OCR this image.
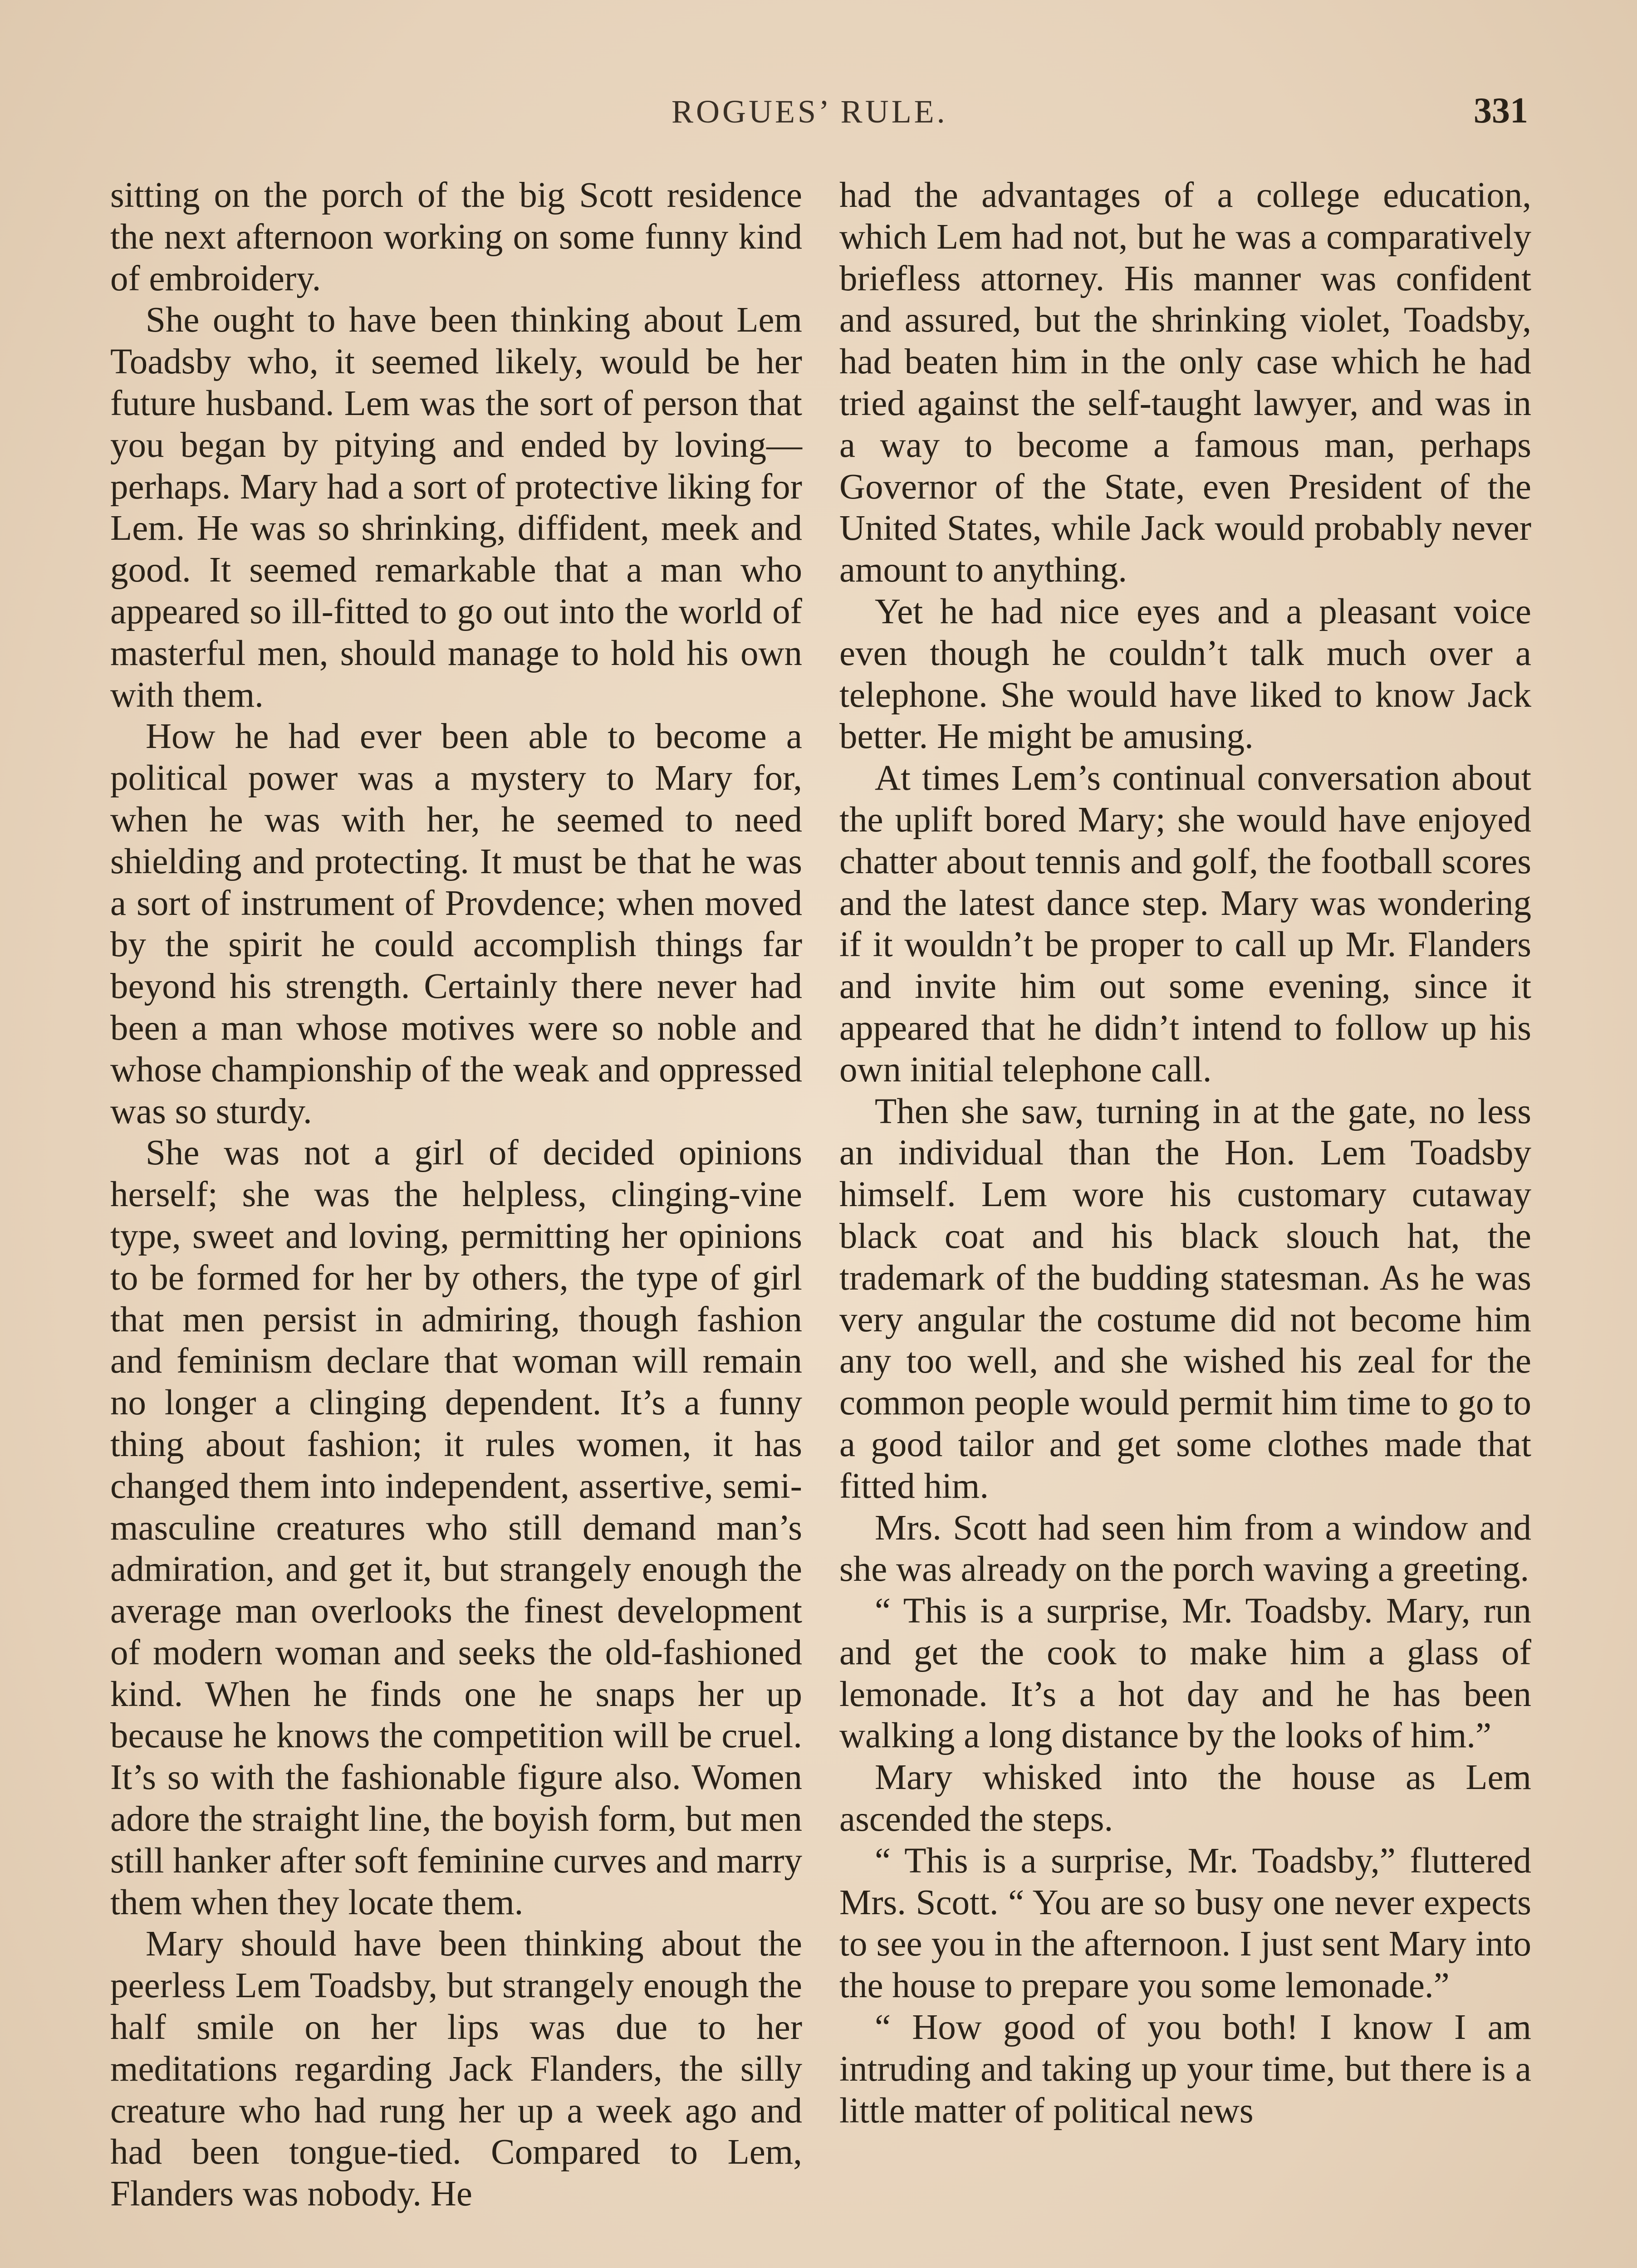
ROGUES’ RULE.	331

sitting on the porch of the big Scott residence the next afternoon working on some funny kind of embroidery.

She ought to have been thinking about Lem Toadsby who, it seemed likely, would be her future husband. Lem was the sort of person that you began by pitying and ended by loving—perhaps. Mary had a sort of protective liking for Lem. He was so shrinking, diffident, meek and good. It seemed remarkable that a man who appeared so ill-fitted to go out into the world of masterful men, should manage to hold his own with them.

How he had ever been able to become a political power was a mystery to Mary for, when he was with her, he seemed to need shielding and protecting. It must be that he was a sort of instrument of Provdence; when moved by the spirit he could accomplish things far beyond his strength. Certainly there never had been a man whose motives were so noble and whose championship of the weak and oppressed was so sturdy.

She was not a girl of decided opinions herself; she was the helpless, clinging-vine type, sweet and loving, permitting her opinions to be formed for her by others, the type of girl that men persist in admiring, though fashion and feminism declare that woman will remain no longer a clinging dependent. It’s a funny thing about fashion; it rules women, it has changed them into independent, assertive, semi-masculine creatures who still demand man’s admiration, and get it, but strangely enough the average man overlooks the finest development of modern woman and seeks the old-fashioned kind. When he finds one he snaps her up because he knows the competition will be cruel. It’s so with the fashionable figure also. Women adore the straight line, the boyish form, but men still hanker after soft feminine curves and marry them when they locate them.

Mary should have been thinking about the peerless Lem Toadsby, but strangely enough the half smile on her lips was due to her meditations regarding Jack Flanders, the silly creature who had rung her up a week ago and had been tongue-tied. Compared to Lem, Flanders was nobody. He

had the advantages of a college education, which Lem had not, but he was a comparatively briefless attorney. His manner was confident and assured, but the shrinking violet, Toadsby, had beaten him in the only case which he had tried against the self-taught lawyer, and was in a way to become a famous man, perhaps Governor of the State, even President of the United States, while Jack would probably never amount to anything.

Yet he had nice eyes and a pleasant voice even though he couldn’t talk much over a telephone. She would have liked to know Jack better. He might be amusing.

At times Lem’s continual conversation about the uplift bored Mary; she would have enjoyed chatter about tennis and golf, the football scores and the latest dance step. Mary was wondering if it wouldn’t be proper to call up Mr. Flanders and invite him out some evening, since it appeared that he didn’t intend to follow up his own initial telephone call.

Then she saw, turning in at the gate, no less an individual than the Hon. Lem Toadsby himself. Lem wore his customary cutaway black coat and his black slouch hat, the trademark of the budding statesman. As he was very angular the costume did not become him any too well, and she wished his zeal for the common people would permit him time to go to a good tailor and get some clothes made that fitted him.

Mrs. Scott had seen him from a window and she was already on the porch waving a greeting.

“ This is a surprise, Mr. Toadsby. Mary, run and get the cook to make him a glass of lemonade. It’s a hot day and he has been walking a long distance by the looks of him.”

Mary whisked into the house as Lem ascended the steps.

“ This is a surprise, Mr. Toadsby,” fluttered Mrs. Scott. “ You are so busy one never expects to see you in the afternoon. I just sent Mary into the house to prepare you some lemonade.”

“ How good of you both! I know I am intruding and taking up your time, but there is a little matter of political news
